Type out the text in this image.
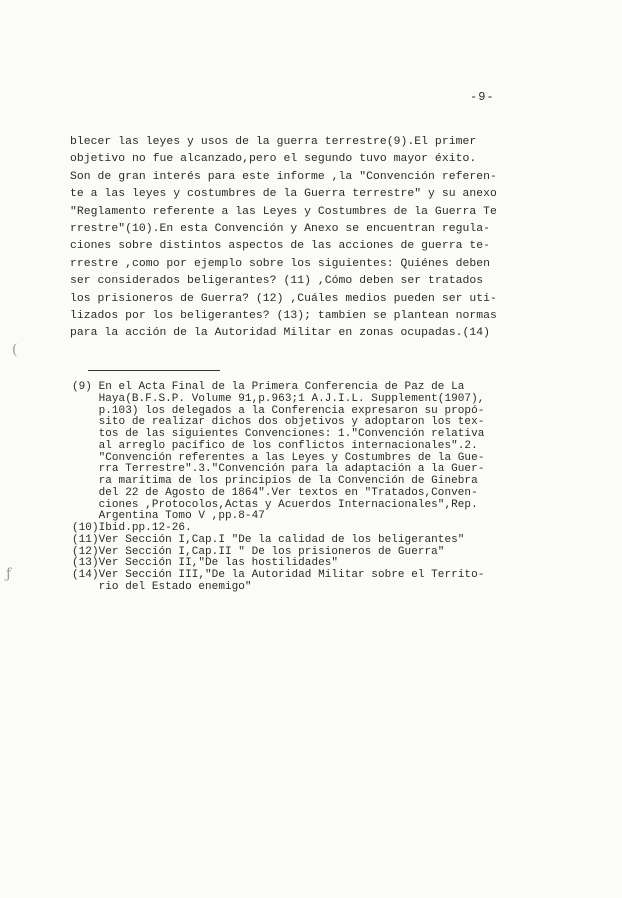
-9-
blecer las leyes y usos de la guerra terrestre(9).El primer
objetivo no fue alcanzado,pero el segundo tuvo mayor éxito.
Son de gran interés para este informe ,la "Convención referen-
te a las leyes y costumbres de la Guerra terrestre" y su anexo
"Reglamento referente a las Leyes y Costumbres de la Guerra Te
rrestre"(10).En esta Convención y Anexo se encuentran regula-
ciones sobre distintos aspectos de las acciones de guerra te-
rrestre ,como por ejemplo sobre los siguientes: Quiénes deben
ser considerados beligerantes? (11) ,Cómo deben ser tratados
los prisioneros de Guerra? (12) ,Cuáles medios pueden ser uti-
lizados por los beligerantes? (13); tambien se plantean normas
para la acción de la Autoridad Militar en zonas ocupadas.(14)
(9) En el Acta Final de la Primera Conferencia de Paz de La
Haya(B.F.S.P. Volume 91,p.963;1 A.J.I.L. Supplement(1907),
p.103) los delegados a la Conferencia expresaron su propó-
sito de realizar dichos dos objetivos y adoptaron los tex-
tos de las siguientes Convenciones: 1."Convención relativa
al arreglo pacífico de los conflictos internacionales".2.
"Convención referentes a las Leyes y Costumbres de la Gue-
rra Terrestre".3."Convención para la adaptación a la Guer-
ra marítima de los principios de la Convención de Ginebra
del 22 de Agosto de 1864".Ver textos en "Tratados,Conven-
ciones ,Protocolos,Actas y Acuerdos Internacionales",Rep.
Argentina Tomo V ,pp.8-47
(10)Ibid.pp.12-26.
(11)Ver Sección I,Cap.I "De la calidad de los beligerantes"
(12)Ver Sección I,Cap.II " De los prisioneros de Guerra"
(13)Ver Sección II,"De las hostilidades"
(14)Ver Sección III,"De la Autoridad Militar sobre el Territo-
rio del Estado enemigo"
(
ƒ
